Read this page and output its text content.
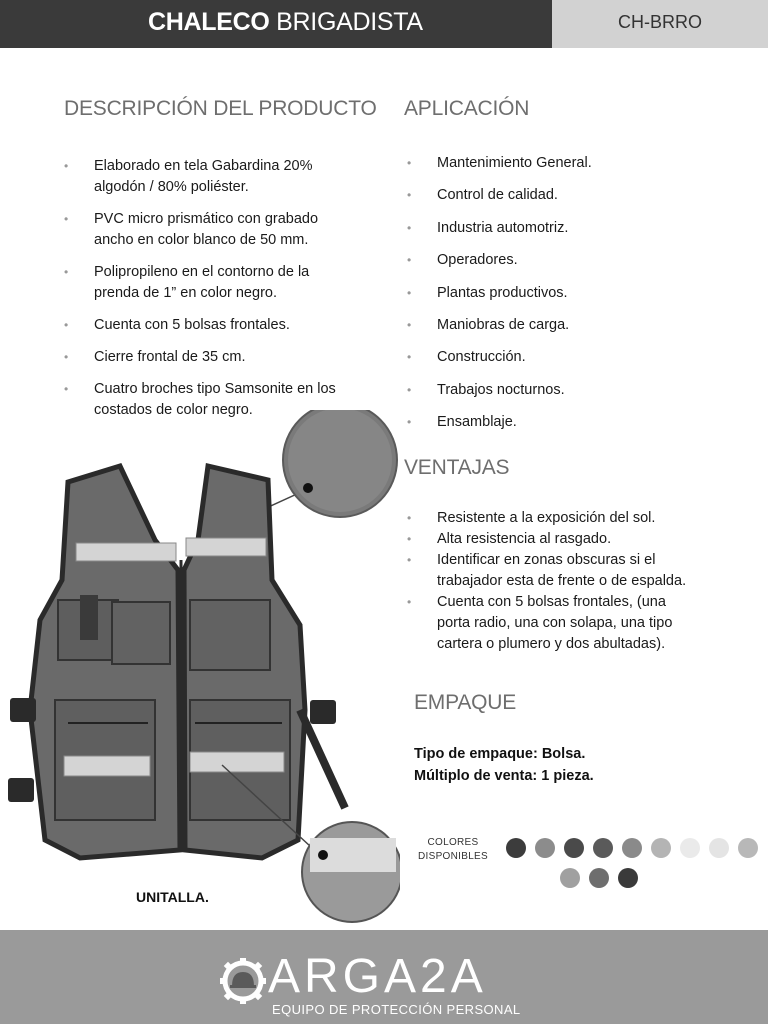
CHALECO BRIGADISTA	CH-BRRO
DESCRIPCIÓN DEL PRODUCTO
• Elaborado en tela Gabardina 20%
algodón / 80% poliéster.
• PVC micro prismático con grabado
ancho en color blanco de 50 mm.
• Polipropileno en el contorno de la
prenda de 1” en color negro.
• Cuenta con 5 bolsas frontales.
• Cierre frontal de 35 cm.
• Cuatro broches tipo Samsonite en los
costados de color negro.
APLICACIÓN
• Mantenimiento General.
• Control de calidad.
• Industria automotriz.
• Operadores.
• Plantas productivos.
• Maniobras de carga.
• Construcción.
• Trabajos nocturnos.
• Ensamblaje.
VENTAJAS
• Resistente a la exposición del sol.
• Alta resistencia al rasgado.
• Identificar en zonas obscuras si el
trabajador esta de frente o de espalda.
• Cuenta con 5 bolsas frontales, (una
porta radio, una con solapa, una tipo
cartera o plumero y dos abultadas).
EMPAQUE
Tipo de empaque: Bolsa.
Múltiplo de venta: 1 pieza.
COLORES
DISPONIBLES
UNITALLA.
ARGA2A
EQUIPO DE PROTECCIÓN PERSONAL
